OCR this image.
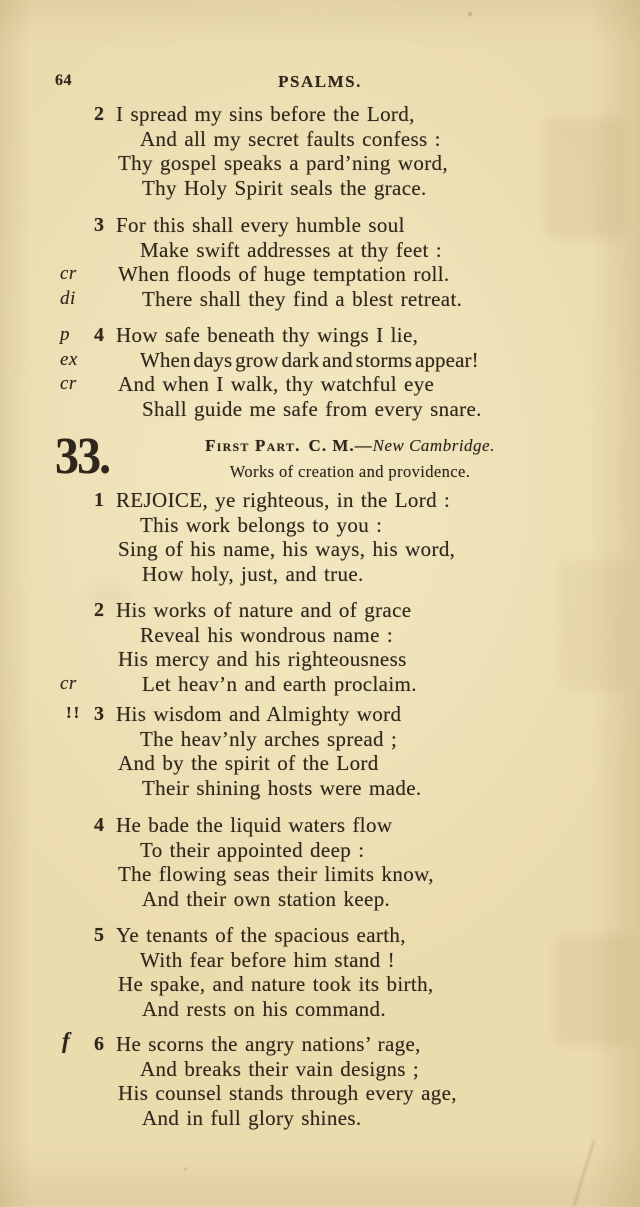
64	PSALMS.
2 I spread my sins before the Lord,
And all my secret faults confess :
Thy gospel speaks a pard’ning word,
Thy Holy Spirit seals the grace.
3 For this shall every humble soul
Make swift addresses at thy feet :
cr When floods of huge temptation roll.
di	There shall they find a blest retreat.
p 4 How safe beneath thy wings I lie,
ex	When days grow dark and storms appear!
cr And when I walk, thy watchful eye
Shall guide me safe from every snare.
33.	First Part. C. M.—New Cambridge.
Works of creation and providence.
1 REJOICE, ye righteous, in the Lord :
This work belongs to you :
Sing of his name, his ways, his word,
How holy, just, and true.
2 His works of nature and of grace
Reveal his wondrous name :
His mercy and his righteousness
cr	Let heav’n and earth proclaim.
!! 3 His wisdom and Almighty word
The heav’nly arches spread ;
And by the spirit of the Lord
Their shining hosts were made.
4 He bade the liquid waters flow
To their appointed deep :
The flowing seas their limits know,
And their own station keep.
5 Ye tenants of the spacious earth,
With fear before him stand !
He spake, and nature took its birth,
And rests on his command.
f 6 He scorns the angry nations’ rage,
And breaks their vain designs ;
His counsel stands through every age,
And in full glory shines.
